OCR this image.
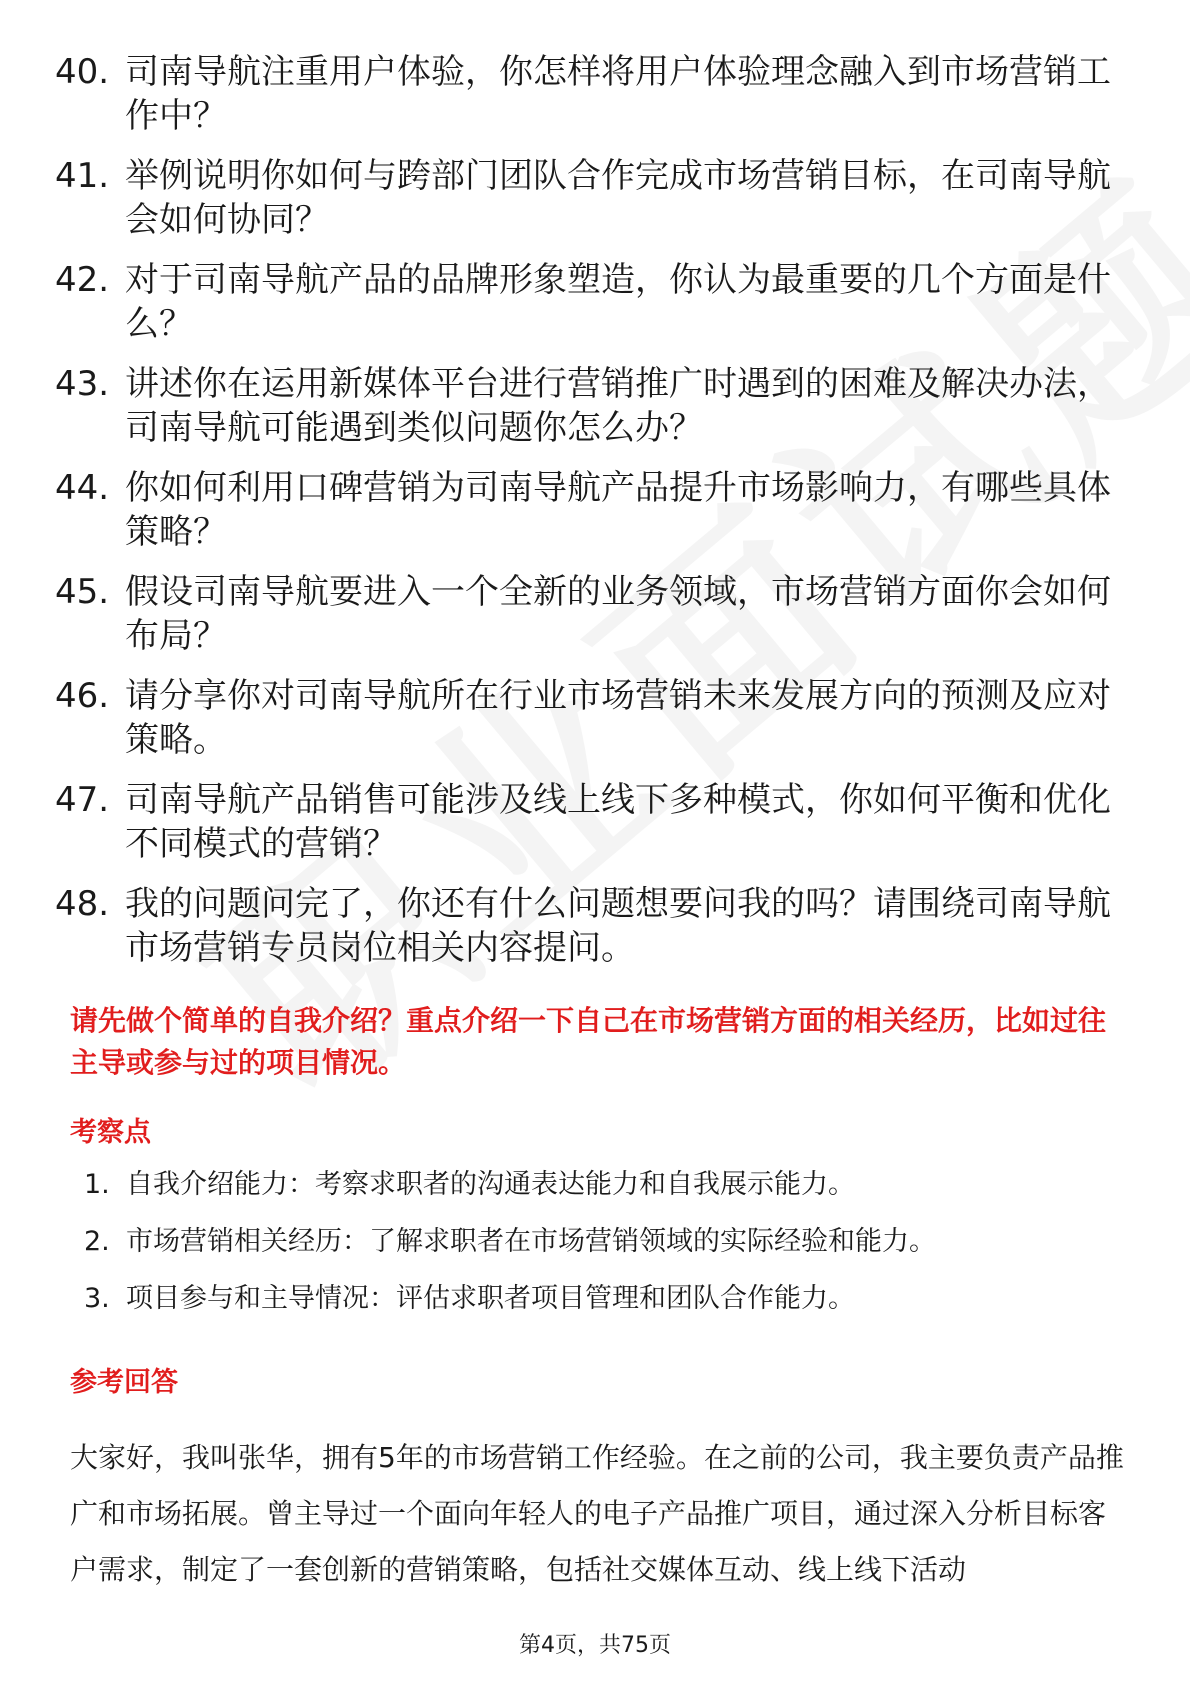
40. 司南导航注重用户体验，你怎样将用户体验理念融入到市场营销工作中？
41. 举例说明你如何与跨部门团队合作完成市场营销目标，在司南导航会如何协同？
42. 对于司南导航产品的品牌形象塑造，你认为最重要的几个方面是什么？
43. 讲述你在运用新媒体平台进行营销推广时遇到的困难及解决办法，司南导航可能遇到类似问题你怎么办？
44. 你如何利用口碑营销为司南导航产品提升市场影响力，有哪些具体策略？
45. 假设司南导航要进入一个全新的业务领域，市场营销方面你会如何布局？
46. 请分享你对司南导航所在行业市场营销未来发展方向的预测及应对策略。
47. 司南导航产品销售可能涉及线上线下多种模式，你如何平衡和优化不同模式的营销？
48. 我的问题问完了，你还有什么问题想要问我的吗？请围绕司南导航市场营销专员岗位相关内容提问。

请先做个简单的自我介绍？重点介绍一下自己在市场营销方面的相关经历，比如过往主导或参与过的项目情况。

考察点
1. 自我介绍能力：考察求职者的沟通表达能力和自我展示能力。
2. 市场营销相关经历：了解求职者在市场营销领域的实际经验和能力。
3. 项目参与和主导情况：评估求职者项目管理和团队合作能力。
参考回答

大家好，我叫张华，拥有5年的市场营销工作经验。在之前的公司，我主要负责产品推广和市场拓展。曾主导过一个面向年轻人的电子产品推广项目，通过深入分析目标客户需求，制定了一套创新的营销策略，包括社交媒体互动、线上线下活动

第4页，共75页
